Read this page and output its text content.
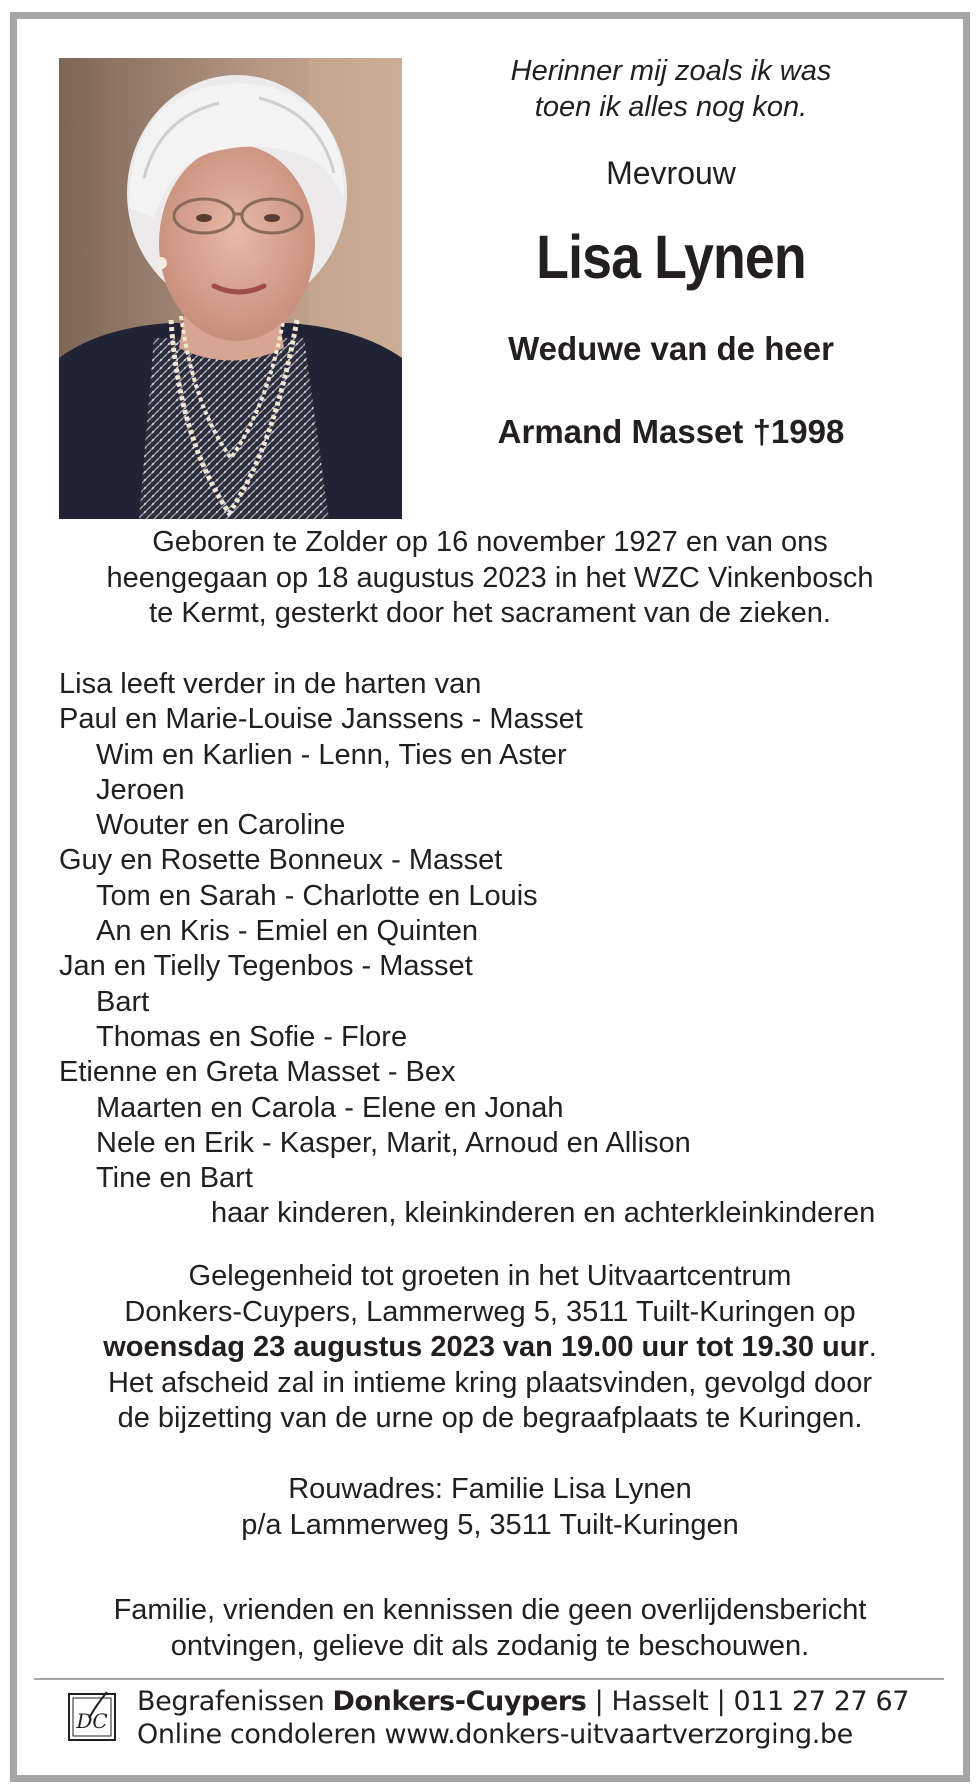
Herinner mij zoals ik was
toen ik alles nog kon.
Mevrouw
Lisa Lynen
Weduwe van de heer
Armand Masset †1998
Geboren te Zolder op 16 november 1927 en van ons
heengegaan op 18 augustus 2023 in het WZC Vinkenbosch
te Kermt, gesterkt door het sacrament van de zieken.
Lisa leeft verder in de harten van
Paul en Marie-Louise Janssens - Masset
Wim en Karlien - Lenn, Ties en Aster
Jeroen
Wouter en Caroline
Guy en Rosette Bonneux - Masset
Tom en Sarah - Charlotte en Louis
An en Kris - Emiel en Quinten
Jan en Tielly Tegenbos - Masset
Bart
Thomas en Sofie - Flore
Etienne en Greta Masset - Bex
Maarten en Carola - Elene en Jonah
Nele en Erik - Kasper, Marit, Arnoud en Allison
Tine en Bart
haar kinderen, kleinkinderen en achterkleinkinderen
Gelegenheid tot groeten in het Uitvaartcentrum
Donkers-Cuypers, Lammerweg 5, 3511 Tuilt-Kuringen op
woensdag 23 augustus 2023 van 19.00 uur tot 19.30 uur.
Het afscheid zal in intieme kring plaatsvinden, gevolgd door
de bijzetting van de urne op de begraafplaats te Kuringen.
Rouwadres: Familie Lisa Lynen
p/a Lammerweg 5, 3511 Tuilt-Kuringen
Familie, vrienden en kennissen die geen overlijdensbericht
ontvingen, gelieve dit als zodanig te beschouwen.
DC
Begrafenissen Donkers-Cuypers | Hasselt | 011 27 27 67
Online condoleren www.donkers-uitvaartverzorging.be
